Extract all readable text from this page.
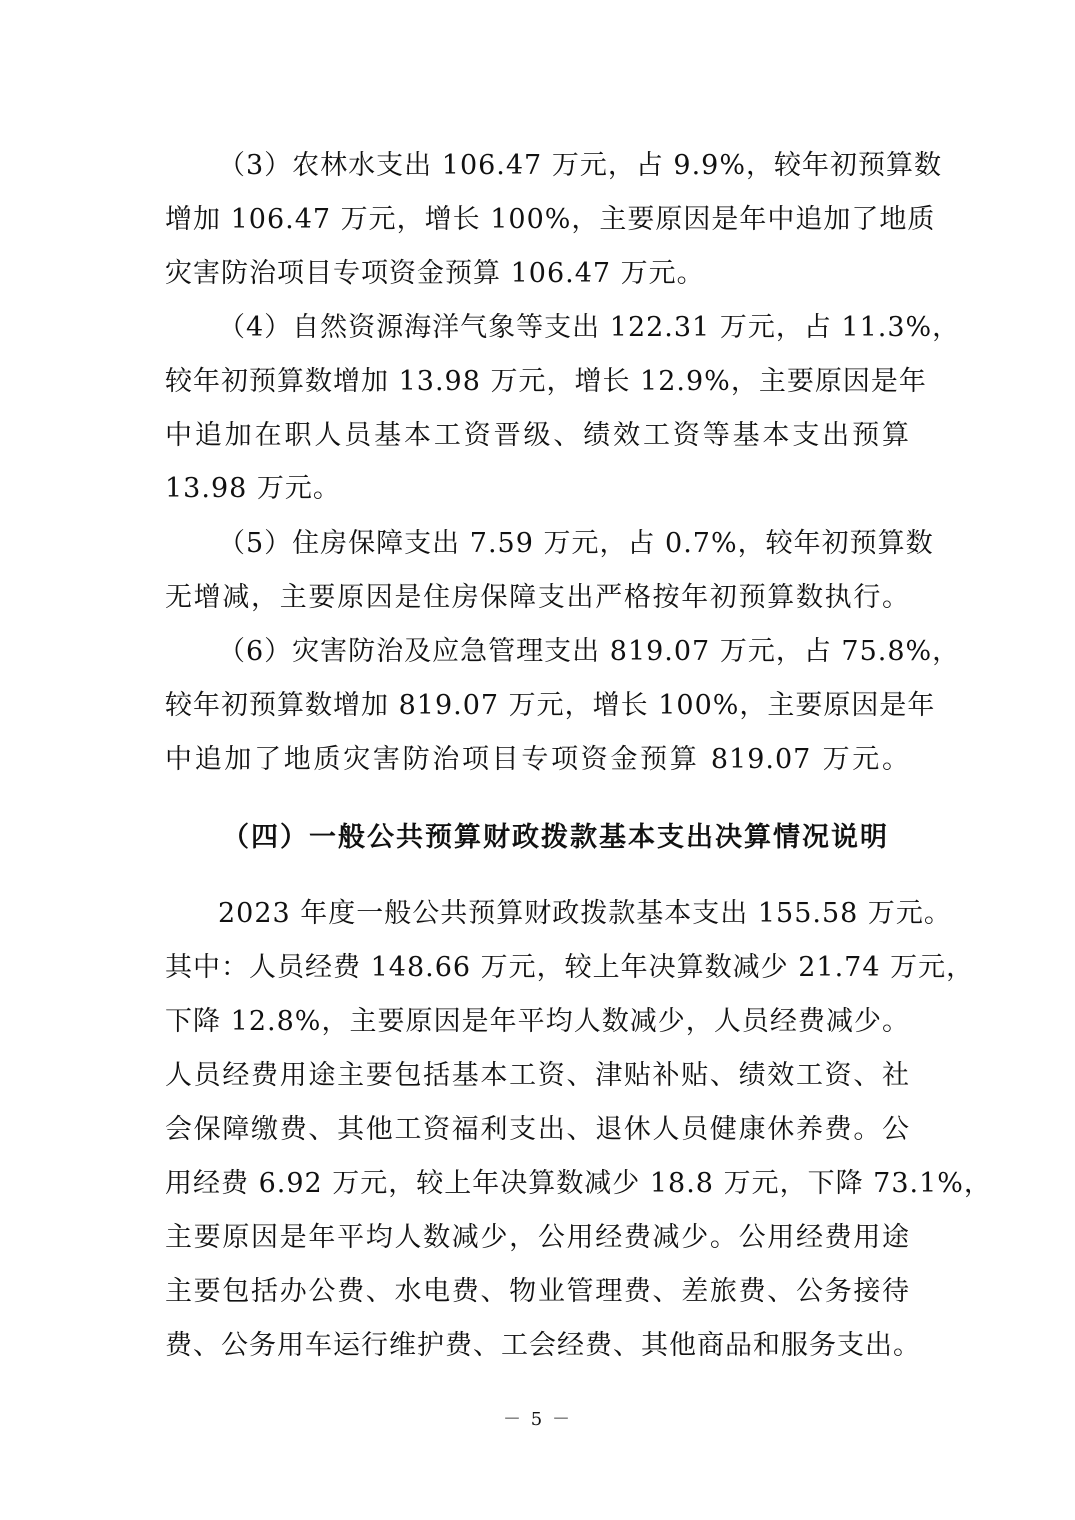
（3）农林水支出 106.47 万元，占 9.9%，较年初预算数
增加 106.47 万元，增长 100%，主要原因是年中追加了地质
灾害防治项目专项资金预算 106.47 万元。
（4）自然资源海洋气象等支出 122.31 万元，占 11.3%，
较年初预算数增加 13.98 万元，增长 12.9%，主要原因是年
中追加在职人员基本工资晋级、绩效工资等基本支出预算
13.98 万元。
（5）住房保障支出 7.59 万元，占 0.7%，较年初预算数
无增减，主要原因是住房保障支出严格按年初预算数执行。
（6）灾害防治及应急管理支出 819.07 万元，占 75.8%，
较年初预算数增加 819.07 万元，增长 100%，主要原因是年
中追加了地质灾害防治项目专项资金预算 819.07 万元。
（四）一般公共预算财政拨款基本支出决算情况说明
2023 年度一般公共预算财政拨款基本支出 155.58 万元。
其中：人员经费 148.66 万元，较上年决算数减少 21.74 万元，
下降 12.8%，主要原因是年平均人数减少，人员经费减少。
人员经费用途主要包括基本工资、津贴补贴、绩效工资、社
会保障缴费、其他工资福利支出、退休人员健康休养费。公
用经费 6.92 万元，较上年决算数减少 18.8 万元，下降 73.1%，
主要原因是年平均人数减少，公用经费减少。公用经费用途
主要包括办公费、水电费、物业管理费、差旅费、公务接待
费、公务用车运行维护费、工会经费、其他商品和服务支出。
－ 5 －
